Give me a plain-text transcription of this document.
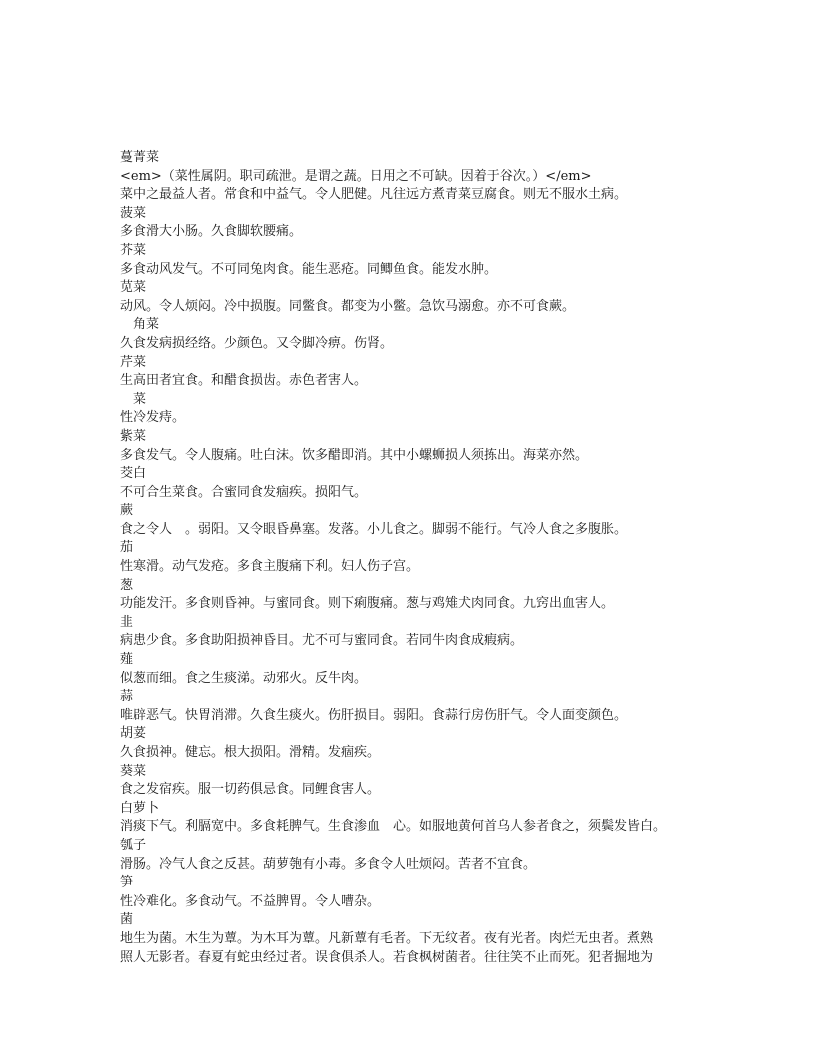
蔓菁菜
<em>（菜性属阴。职司疏泄。是谓之蔬。日用之不可缺。因着于谷次。）</em>
菜中之最益人者。常食和中益气。令人肥健。凡往远方煮青菜豆腐食。则无不服水土病。
菠菜
多食滑大小肠。久食脚软腰痛。
芥菜
多食动风发气。不可同兔肉食。能生恶疮。同鲫鱼食。能发水肿。
苋菜
动风。令人烦闷。冷中损腹。同鳖食。都变为小鳖。急饮马溺愈。亦不可食蕨。
　角菜
久食发病损经络。少颜色。又令脚冷痹。伤肾。
芹菜
生高田者宜食。和醋食损齿。赤色者害人。
　菜
性冷发痔。
紫菜
多食发气。令人腹痛。吐白沫。饮多醋即消。其中小螺蛳损人须拣出。海菜亦然。
茭白
不可合生菜食。合蜜同食发痼疾。损阳气。
蕨
食之令人　。弱阳。又令眼昏鼻塞。发落。小儿食之。脚弱不能行。气冷人食之多腹胀。
茄
性寒滑。动气发疮。多食主腹痛下利。妇人伤子宫。
葱
功能发汗。多食则昏神。与蜜同食。则下痢腹痛。葱与鸡雉犬肉同食。九窍出血害人。
韭
病患少食。多食助阳损神昏目。尤不可与蜜同食。若同牛肉食成瘕病。
薤
似葱而细。食之生痰涕。动邪火。反牛肉。
蒜
唯辟恶气。快胃消滞。久食生痰火。伤肝损目。弱阳。食蒜行房伤肝气。令人面变颜色。
胡荽
久食损神。健忘。根大损阳。滑精。发痼疾。
葵菜
食之发宿疾。服一切药俱忌食。同鲤食害人。
白萝卜
消痰下气。利膈宽中。多食耗脾气。生食渗血　心。如服地黄何首乌人参者食之，须鬓发皆白。
瓠子
滑肠。冷气人食之反甚。葫萝匏有小毒。多食令人吐烦闷。苦者不宜食。
笋
性冷难化。多食动气。不益脾胃。令人嘈杂。
菌
地生为菌。木生为蕈。为木耳为蕈。凡新蕈有毛者。下无纹者。夜有光者。肉烂无虫者。煮熟
照人无影者。春夏有蛇虫经过者。误食俱杀人。若食枫树菌者。往往笑不止而死。犯者掘地为
